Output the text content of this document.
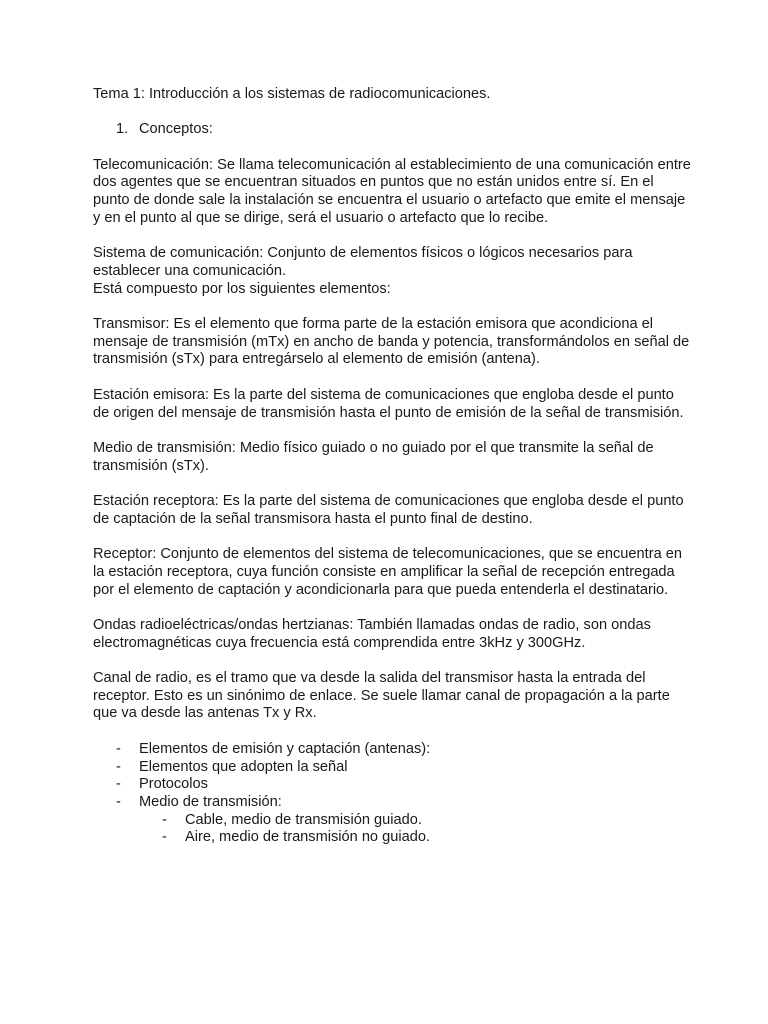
Tema 1: Introducción a los sistemas de radiocomunicaciones.

1. Conceptos:

Telecomunicación: Se llama telecomunicación al establecimiento de una comunicación entre dos agentes que se encuentran situados en puntos que no están unidos entre sí. En el punto de donde sale la instalación se encuentra el usuario o artefacto que emite el mensaje y en el punto al que se dirige, será el usuario o artefacto que lo recibe.

Sistema de comunicación: Conjunto de elementos físicos o lógicos necesarios para establecer una comunicación.

Está compuesto por los siguientes elementos:

Transmisor: Es el elemento que forma parte de la estación emisora que acondiciona el mensaje de transmisión (mTx) en ancho de banda y potencia, transformándolos en señal de transmisión (sTx) para entregárselo al elemento de emisión (antena).

Estación emisora: Es la parte del sistema de comunicaciones que engloba desde el punto de origen del mensaje de transmisión hasta el punto de emisión de la señal de transmisión.

Medio de transmisión: Medio físico guiado o no guiado por el que transmite la señal de transmisión (sTx).

Estación receptora: Es la parte del sistema de comunicaciones que engloba desde el punto de captación de la señal transmisora hasta el punto final de destino.

Receptor: Conjunto de elementos del sistema de telecomunicaciones, que se encuentra en la estación receptora, cuya función consiste en amplificar la señal de recepción entregada por el elemento de captación y acondicionarla para que pueda entenderla el destinatario.

Ondas radioeléctricas/ondas hertzianas: También llamadas ondas de radio, son ondas electromagnéticas cuya frecuencia está comprendida entre 3kHz y 300GHz.

Canal de radio, es el tramo que va desde la salida del transmisor hasta la entrada del receptor. Esto es un sinónimo de enlace. Se suele llamar canal de propagación a la parte que va desde las antenas Tx y Rx.

- Elementos de emisión y captación (antenas):
- Elementos que adopten la señal
- Protocolos
- Medio de transmisión:
- Cable, medio de transmisión guiado.
- Aire, medio de transmisión no guiado.
